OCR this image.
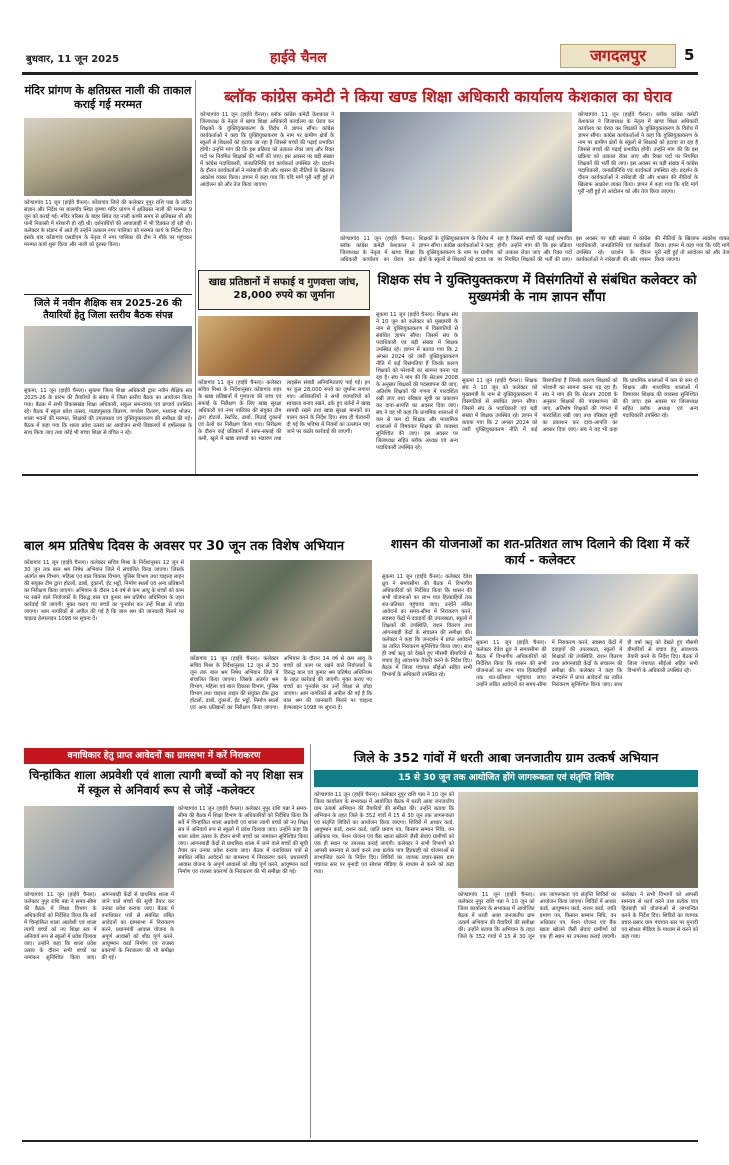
बुधवार, 11 जून 2025	हाईवे चैनल	जगदलपुर	5
मंदिर प्रांगण के क्षतिग्रस्त नाली की ताकाल कराई गई मरम्मत
कोण्डागांव 11 जून (हाईवे चैनल)। कोंडागांव जिले की कलेक्टर नुपुर राशि पन्ना के त्वरित संज्ञान और निर्देश पर बालगाँव स्थित कृष्णा मंदिर प्रांगण में क्षतिग्रस्त नाली की मरम्मत 9 जून को कराई गई। मंदिर परिसर के बाहर स्थित यह नाली काफी समय से क्षतिग्रस्त थी और पानी निकासी में परेशानी हो रही थी। दर्शनार्थियों की आवाजाही में भी दिक्कत हो रही थी। कलेक्टर के संज्ञान में आते ही उन्होंने तत्काल नगर पालिका को मरम्मत कार्य के निर्देश दिए। इसके बाद कोंडागांव एसडीएम के नेतृत्व में नगर पालिका की टीम ने मौके पर पहुंचकर मरम्मत कार्य शुरू किया और नाली को दुरुस्त किया।
जिले में नवीन शैक्षिक सत्र 2025-26 की तैयारियों हेतु जिला स्तरीय बैठक संपन्न
सुकमा, 11 जून (हाईवे चैनल)। सुकमा जिला शिक्षा अधिकारी द्वारा नवीन शैक्षिक सत्र 2025-26 के प्रारंभ की तैयारियों के संबंध में जिला स्तरीय बैठक का आयोजन किया गया। बैठक में सभी विकासखंड शिक्षा अधिकारी, संकुल समन्वयक एवं प्राचार्य उपस्थित रहे। बैठक में स्कूल प्रवेश उत्सव, पाठ्यपुस्तक वितरण, गणवेश वितरण, मध्यान्ह भोजन, शाला भवनों की मरम्मत, शिक्षकों की उपलब्धता एवं युक्तियुक्तकरण की समीक्षा की गई। बैठक में कहा गया कि शाला प्रवेश उत्सव का आयोजन सभी विद्यालयों में हर्षोल्लास के साथ किया जाए तथा कोई भी बच्चा शिक्षा से वंचित न रहे।
ब्लॉक कांग्रेस कमेटी ने किया खण्ड शिक्षा अधिकारी कार्यालय केशकाल का घेराव
कोण्डागांव 11 जून (हाईवे चैनल)। ब्लॉक कांग्रेस कमेटी केशकाल ने जिलाध्यक्ष के नेतृत्व में खण्ड शिक्षा अधिकारी कार्यालय का घेराव कर शिक्षकों के युक्तियुक्तकरण के विरोध में ज्ञापन सौंपा। कांग्रेस कार्यकर्ताओं ने कहा कि युक्तियुक्तकरण के नाम पर ग्रामीण क्षेत्रों के स्कूलों से शिक्षकों को हटाया जा रहा है जिससे बच्चों की पढ़ाई प्रभावित होगी। उन्होंने मांग की कि इस प्रक्रिया को तत्काल रोका जाए और रिक्त पदों पर नियमित शिक्षकों की भर्ती की जाए। इस अवसर पर बड़ी संख्या में कांग्रेस पदाधिकारी, जनप्रतिनिधि एवं कार्यकर्ता उपस्थित रहे। प्रदर्शन के दौरान कार्यकर्ताओं ने नारेबाजी की और शासन की नीतियों के खिलाफ आक्रोश व्यक्त किया। ज्ञापन में कहा गया कि यदि मांगें पूरी नहीं हुईं तो आंदोलन को और तेज किया जाएगा।
कोण्डागांव 11 जून (हाईवे चैनल)। ब्लॉक कांग्रेस कमेटी केशकाल ने जिलाध्यक्ष के नेतृत्व में खण्ड शिक्षा अधिकारी कार्यालय का घेराव कर शिक्षकों के युक्तियुक्तकरण के विरोध में ज्ञापन सौंपा। कांग्रेस कार्यकर्ताओं ने कहा कि युक्तियुक्तकरण के नाम पर ग्रामीण क्षेत्रों के स्कूलों से शिक्षकों को हटाया जा रहा है जिससे बच्चों की पढ़ाई प्रभावित होगी। उन्होंने मांग की कि इस प्रक्रिया को तत्काल रोका जाए और रिक्त पदों पर नियमित शिक्षकों की भर्ती की जाए। इस अवसर पर बड़ी संख्या में कांग्रेस पदाधिकारी, जनप्रतिनिधि एवं कार्यकर्ता उपस्थित रहे। प्रदर्शन के दौरान कार्यकर्ताओं ने नारेबाजी की और शासन की नीतियों के खिलाफ आक्रोश व्यक्त किया। ज्ञापन में कहा गया कि यदि मांगें पूरी नहीं हुईं तो आंदोलन को और तेज किया जाएगा।
कोण्डागांव 11 जून (हाईवे चैनल)। ब्लॉक कांग्रेस कमेटी केशकाल ने जिलाध्यक्ष के नेतृत्व में खण्ड शिक्षा अधिकारी कार्यालय का घेराव कर शिक्षकों के युक्तियुक्तकरण के विरोध में ज्ञापन सौंपा। कांग्रेस कार्यकर्ताओं ने कहा कि युक्तियुक्तकरण के नाम पर ग्रामीण क्षेत्रों के स्कूलों से शिक्षकों को हटाया जा रहा है जिससे बच्चों की पढ़ाई प्रभावित होगी। उन्होंने मांग की कि इस प्रक्रिया को तत्काल रोका जाए और रिक्त पदों पर नियमित शिक्षकों की भर्ती की जाए। इस अवसर पर बड़ी संख्या में कांग्रेस पदाधिकारी, जनप्रतिनिधि एवं कार्यकर्ता उपस्थित रहे। प्रदर्शन के दौरान कार्यकर्ताओं ने नारेबाजी की और शासन की नीतियों के खिलाफ आक्रोश व्यक्त किया। ज्ञापन में कहा गया कि यदि मांगें पूरी नहीं हुईं तो आंदोलन को और तेज किया जाएगा।
खाद्य प्रतिष्ठानों में सफाई व गुणवत्ता जांच, 28,000 रुपये का जुर्माना
कोंडागांव 11 जून (हाईवे चैनल)। कलेक्टर सचिव मिश्रा के निर्देशानुसार कोंडागांव शहर के खाद्य प्रतिष्ठानों में गुणवत्ता की जांच एवं सफाई के निरीक्षण के लिए खाद्य सुरक्षा अधिकारी एवं नगर पालिका की संयुक्त टीम द्वारा होटलों, रेस्टोरेंट, ढाबों, मिठाई दुकानों एवं ठेलों का निरीक्षण किया गया। निरीक्षण के दौरान कई प्रतिष्ठानों में साफ-सफाई की कमी, खुले में खाद्य सामग्री का भंडारण तथा लाइसेंस संबंधी अनियमितताएं पाई गईं। इन पर कुल 28,000 रुपये का जुर्माना लगाया गया। अधिकारियों ने सभी व्यापारियों को स्वच्छता बनाए रखने, ढके हुए बर्तनों में खाद्य सामग्री रखने तथा खाद्य सुरक्षा मानकों का पालन करने के निर्देश दिए। साथ ही चेतावनी दी गई कि भविष्य में नियमों का उल्लंघन पाए जाने पर कठोर कार्रवाई की जाएगी।
शिक्षक संघ ने युक्तियुक्तकरण में विसंगतियों से संबंधित कलेक्टर को मुख्यमंत्री के नाम ज्ञापन सौंपा
सुकमा 11 जून (हाईवे चैनल)। शिक्षक संघ ने 10 जून को कलेक्टर को मुख्यमंत्री के नाम से युक्तियुक्तकरण में विसंगतियों से संबंधित ज्ञापन सौंपा। जिसमें संघ के पदाधिकारी एवं बड़ी संख्या में शिक्षक उपस्थित रहे। ज्ञापन में बताया गया कि 2 अगस्त 2024 को जारी युक्तियुक्तकरण नीति में कई विसंगतियां हैं जिनके कारण शिक्षकों को परेशानी का सामना करना पड़ रहा है। संघ ने मांग की कि सेटअप 2008 के अनुसार शिक्षकों की पदस्थापना की जाए, अतिशेष शिक्षकों की गणना में पारदर्शिता रखी जाए तथा वरिष्ठता सूची का प्रकाशन कर दावा-आपत्ति का अवसर दिया जाए। संघ ने यह भी कहा कि प्राथमिक शालाओं में कम से कम दो शिक्षक और माध्यमिक शालाओं में विषयवार शिक्षक की व्यवस्था सुनिश्चित की जाए। इस अवसर पर जिलाध्यक्ष सहित ब्लॉक अध्यक्ष एवं अन्य पदाधिकारी उपस्थित रहे।
सुकमा 11 जून (हाईवे चैनल)। शिक्षक संघ ने 10 जून को कलेक्टर को मुख्यमंत्री के नाम से युक्तियुक्तकरण में विसंगतियों से संबंधित ज्ञापन सौंपा। जिसमें संघ के पदाधिकारी एवं बड़ी संख्या में शिक्षक उपस्थित रहे। ज्ञापन में बताया गया कि 2 अगस्त 2024 को जारी युक्तियुक्तकरण नीति में कई विसंगतियां हैं जिनके कारण शिक्षकों को परेशानी का सामना करना पड़ रहा है। संघ ने मांग की कि सेटअप 2008 के अनुसार शिक्षकों की पदस्थापना की जाए, अतिशेष शिक्षकों की गणना में पारदर्शिता रखी जाए तथा वरिष्ठता सूची का प्रकाशन कर दावा-आपत्ति का अवसर दिया जाए। संघ ने यह भी कहा कि प्राथमिक शालाओं में कम से कम दो शिक्षक और माध्यमिक शालाओं में विषयवार शिक्षक की व्यवस्था सुनिश्चित की जाए। इस अवसर पर जिलाध्यक्ष सहित ब्लॉक अध्यक्ष एवं अन्य पदाधिकारी उपस्थित रहे।
बाल श्रम प्रतिषेध दिवस के अवसर पर 30 जून तक विशेष अभियान
कोंडागांव 11 जून (हाईवे चैनल)। कलेक्टर सचिव मिश्रा के निर्देशानुसार 12 जून से 30 जून तक बाल श्रम निषेध अभियान जिले में संचालित किया जाएगा। जिसके अंतर्गत श्रम विभाग, महिला एवं बाल विकास विभाग, पुलिस विभाग तथा चाइल्ड लाइन की संयुक्त टीम द्वारा होटलों, ढाबों, दुकानों, ईंट भट्ठों, निर्माण स्थलों एवं अन्य प्रतिष्ठानों का निरीक्षण किया जाएगा। अभियान के दौरान 14 वर्ष से कम आयु के बच्चों को काम पर रखने वाले नियोजकों के विरुद्ध बाल एवं कुमार श्रम प्रतिषेध अधिनियम के तहत कार्रवाई की जाएगी। मुक्त कराए गए बच्चों का पुनर्वास कर उन्हें शिक्षा से जोड़ा जाएगा। आम नागरिकों से अपील की गई है कि बाल श्रम की जानकारी मिलने पर चाइल्ड हेल्पलाइन 1098 पर सूचना दें।
कोंडागांव 11 जून (हाईवे चैनल)। कलेक्टर सचिव मिश्रा के निर्देशानुसार 12 जून से 30 जून तक बाल श्रम निषेध अभियान जिले में संचालित किया जाएगा। जिसके अंतर्गत श्रम विभाग, महिला एवं बाल विकास विभाग, पुलिस विभाग तथा चाइल्ड लाइन की संयुक्त टीम द्वारा होटलों, ढाबों, दुकानों, ईंट भट्ठों, निर्माण स्थलों एवं अन्य प्रतिष्ठानों का निरीक्षण किया जाएगा। अभियान के दौरान 14 वर्ष से कम आयु के बच्चों को काम पर रखने वाले नियोजकों के विरुद्ध बाल एवं कुमार श्रम प्रतिषेध अधिनियम के तहत कार्रवाई की जाएगी। मुक्त कराए गए बच्चों का पुनर्वास कर उन्हें शिक्षा से जोड़ा जाएगा। आम नागरिकों से अपील की गई है कि बाल श्रम की जानकारी मिलने पर चाइल्ड हेल्पलाइन 1098 पर सूचना दें।
शासन की योजनाओं का शत-प्रतिशत लाभ दिलाने की दिशा में करें कार्य - कलेक्टर
सुकमा 11 जून (हाईवे चैनल)। कलेक्टर देवेश ध्रुव ने समयसीमा की बैठक में विभागीय अधिकारियों को निर्देशित किया कि शासन की सभी योजनाओं का लाभ पात्र हितग्राहियों तक शत-प्रतिशत पहुंचाया जाए। उन्होंने लंबित आवेदनों का समय-सीमा में निराकरण करने, स्वास्थ्य केंद्रों में दवाइयों की उपलब्धता, स्कूलों में शिक्षकों की उपस्थिति, राशन वितरण तथा आंगनबाड़ी केंद्रों के संचालन की समीक्षा की। कलेक्टर ने कहा कि जनदर्शन में प्राप्त आवेदनों का त्वरित निराकरण सुनिश्चित किया जाए। साथ ही वर्षा ऋतु को देखते हुए मौसमी बीमारियों से बचाव हेतु आवश्यक तैयारी करने के निर्देश दिए। बैठक में जिला पंचायत सीईओ सहित सभी विभागों के अधिकारी उपस्थित रहे।
सुकमा 11 जून (हाईवे चैनल)। कलेक्टर देवेश ध्रुव ने समयसीमा की बैठक में विभागीय अधिकारियों को निर्देशित किया कि शासन की सभी योजनाओं का लाभ पात्र हितग्राहियों तक शत-प्रतिशत पहुंचाया जाए। उन्होंने लंबित आवेदनों का समय-सीमा में निराकरण करने, स्वास्थ्य केंद्रों में दवाइयों की उपलब्धता, स्कूलों में शिक्षकों की उपस्थिति, राशन वितरण तथा आंगनबाड़ी केंद्रों के संचालन की समीक्षा की। कलेक्टर ने कहा कि जनदर्शन में प्राप्त आवेदनों का त्वरित निराकरण सुनिश्चित किया जाए। साथ ही वर्षा ऋतु को देखते हुए मौसमी बीमारियों से बचाव हेतु आवश्यक तैयारी करने के निर्देश दिए। बैठक में जिला पंचायत सीईओ सहित सभी विभागों के अधिकारी उपस्थित रहे।
वनाधिकार हेतु प्राप्त आवेदनों का ग्रामसभा में करें निराकरण
चिन्हांकित शाला अप्रवेशी एवं शाला त्यागी बच्चों को नए शिक्षा सत्र में स्कूल से अनिवार्य रूप से जोड़ें -कलेक्टर
कोण्डागांव 11 जून (हाईवे चैनल)। कलेक्टर नुपुर राशि पन्ना ने समय-सीमा की बैठक में शिक्षा विभाग के अधिकारियों को निर्देशित किया कि सर्वे में चिन्हांकित शाला अप्रवेशी एवं शाला त्यागी बच्चों को नए शिक्षा सत्र में अनिवार्य रूप से स्कूलों में प्रवेश दिलाया जाए। उन्होंने कहा कि शाला प्रवेश उत्सव के दौरान सभी बच्चों का नामांकन सुनिश्चित किया जाए। आंगनबाड़ी केंद्रों से प्राथमिक शाला में जाने वाले बच्चों की सूची तैयार कर उनका प्रवेश कराया जाए। बैठक में वनाधिकार पत्रों से संबंधित लंबित आवेदनों का ग्रामसभा में निराकरण करने, प्रधानमंत्री आवास योजना के अपूर्ण आवासों को शीघ्र पूर्ण करने, आयुष्मान कार्ड निर्माण एवं राजस्व प्रकरणों के निराकरण की भी समीक्षा की गई।
कोण्डागांव 11 जून (हाईवे चैनल)। कलेक्टर नुपुर राशि पन्ना ने समय-सीमा की बैठक में शिक्षा विभाग के अधिकारियों को निर्देशित किया कि सर्वे में चिन्हांकित शाला अप्रवेशी एवं शाला त्यागी बच्चों को नए शिक्षा सत्र में अनिवार्य रूप से स्कूलों में प्रवेश दिलाया जाए। उन्होंने कहा कि शाला प्रवेश उत्सव के दौरान सभी बच्चों का नामांकन सुनिश्चित किया जाए। आंगनबाड़ी केंद्रों से प्राथमिक शाला में जाने वाले बच्चों की सूची तैयार कर उनका प्रवेश कराया जाए। बैठक में वनाधिकार पत्रों से संबंधित लंबित आवेदनों का ग्रामसभा में निराकरण करने, प्रधानमंत्री आवास योजना के अपूर्ण आवासों को शीघ्र पूर्ण करने, आयुष्मान कार्ड निर्माण एवं राजस्व प्रकरणों के निराकरण की भी समीक्षा की गई।
जिले के 352 गांवों में धरती आबा जनजातीय ग्राम उत्कर्ष अभियान
15 से 30 जून तक आयोजित होंगे जागरूकता एवं संतृप्ति शिविर
कोण्डागांव 11 जून (हाईवे चैनल)। कलेक्टर नुपुर राशि पन्ना ने 10 जून को जिला कार्यालय के सभाकक्ष में आयोजित बैठक में धरती आबा जनजातीय ग्राम उत्कर्ष अभियान की तैयारियों की समीक्षा की। उन्होंने बताया कि अभियान के तहत जिले के 352 गांवों में 15 से 30 जून तक जागरूकता एवं संतृप्ति शिविरों का आयोजन किया जाएगा। शिविरों में आधार कार्ड, आयुष्मान कार्ड, राशन कार्ड, जाति प्रमाण पत्र, किसान सम्मान निधि, वन अधिकार पत्र, पेंशन योजना एवं बैंक खाता खोलने जैसी सेवाएं ग्रामीणों को एक ही स्थान पर उपलब्ध कराई जाएंगी। कलेक्टर ने सभी विभागों को आपसी समन्वय से कार्य करने तथा प्रत्येक पात्र हितग्राही को योजनाओं से लाभान्वित करने के निर्देश दिए। शिविरों का व्यापक प्रचार-प्रसार ग्राम पंचायत स्तर पर मुनादी एवं सोशल मीडिया के माध्यम से करने को कहा गया।
कोण्डागांव 11 जून (हाईवे चैनल)। कलेक्टर नुपुर राशि पन्ना ने 10 जून को जिला कार्यालय के सभाकक्ष में आयोजित बैठक में धरती आबा जनजातीय ग्राम उत्कर्ष अभियान की तैयारियों की समीक्षा की। उन्होंने बताया कि अभियान के तहत जिले के 352 गांवों में 15 से 30 जून तक जागरूकता एवं संतृप्ति शिविरों का आयोजन किया जाएगा। शिविरों में आधार कार्ड, आयुष्मान कार्ड, राशन कार्ड, जाति प्रमाण पत्र, किसान सम्मान निधि, वन अधिकार पत्र, पेंशन योजना एवं बैंक खाता खोलने जैसी सेवाएं ग्रामीणों को एक ही स्थान पर उपलब्ध कराई जाएंगी। कलेक्टर ने सभी विभागों को आपसी समन्वय से कार्य करने तथा प्रत्येक पात्र हितग्राही को योजनाओं से लाभान्वित करने के निर्देश दिए। शिविरों का व्यापक प्रचार-प्रसार ग्राम पंचायत स्तर पर मुनादी एवं सोशल मीडिया के माध्यम से करने को कहा गया।
